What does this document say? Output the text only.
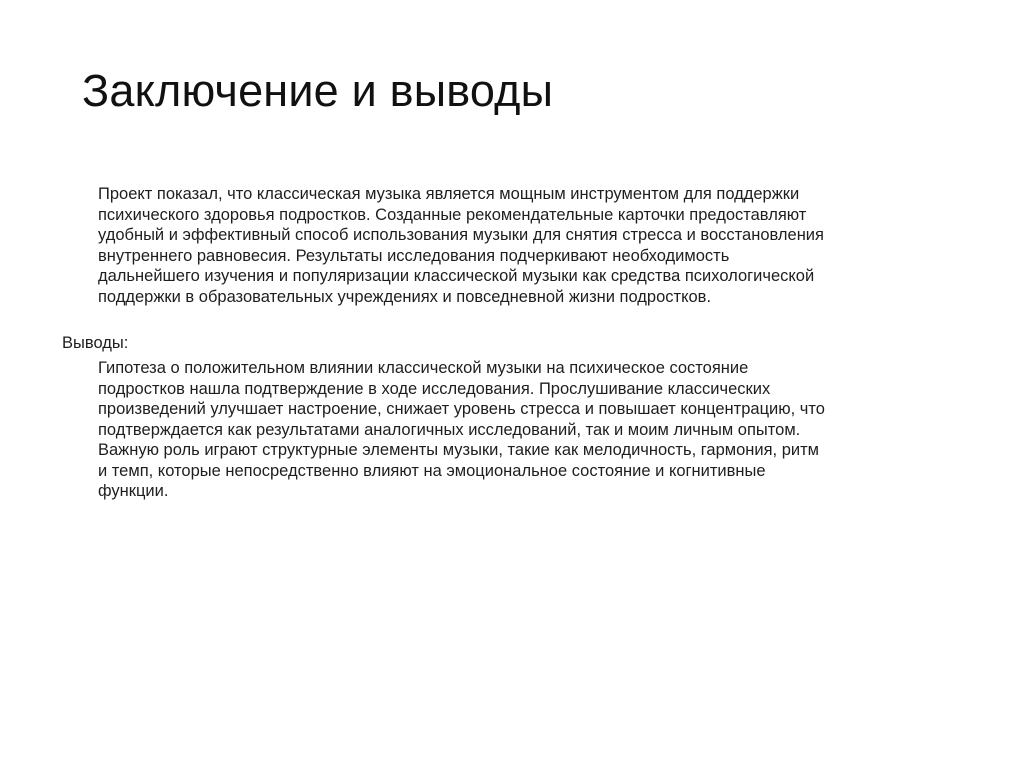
Заключение и выводы
Проект показал, что классическая музыка является мощным инструментом для поддержки
психического здоровья подростков. Созданные рекомендательные карточки предоставляют
удобный и эффективный способ использования музыки для снятия стресса и восстановления
внутреннего равновесия. Результаты исследования подчеркивают необходимость
дальнейшего изучения и популяризации классической музыки как средства психологической
поддержки в образовательных учреждениях и повседневной жизни подростков.

Выводы:

Гипотеза о положительном влиянии классической музыки на психическое состояние
подростков нашла подтверждение в ходе исследования. Прослушивание классических
произведений улучшает настроение, снижает уровень стресса и повышает концентрацию, что
подтверждается как результатами аналогичных исследований, так и моим личным опытом.
Важную роль играют структурные элементы музыки, такие как мелодичность, гармония, ритм
и темп, которые непосредственно влияют на эмоциональное состояние и когнитивные
функции.
